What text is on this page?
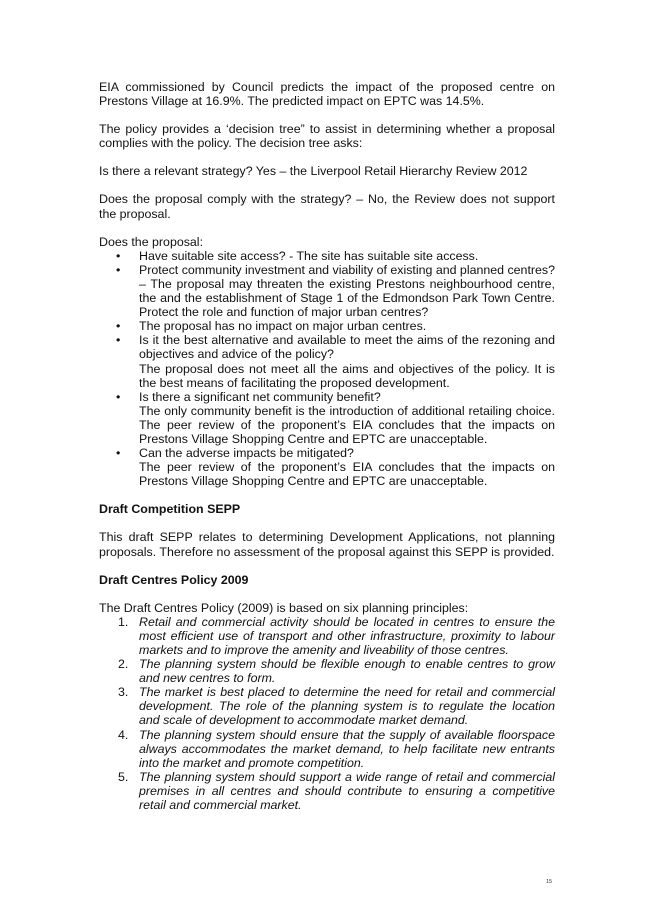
EIA commissioned by Council predicts the impact of the proposed centre on Prestons Village at 16.9%. The predicted impact on EPTC was 14.5%.

The policy provides a ‘decision tree” to assist in determining whether a proposal complies with the policy. The decision tree asks:

Is there a relevant strategy? Yes – the Liverpool Retail Hierarchy Review 2012

Does the proposal comply with the strategy? – No, the Review does not support the proposal.

Does the proposal:

• Have suitable site access? - The site has suitable site access.
• Protect community investment and viability of existing and planned centres? – The proposal may threaten the existing Prestons neighbourhood centre, the and the establishment of Stage 1 of the Edmondson Park Town Centre. Protect the role and function of major urban centres?
• The proposal has no impact on major urban centres.
• Is it the best alternative and available to meet the aims of the rezoning and objectives and advice of the policy?
The proposal does not meet all the aims and objectives of the policy. It is the best means of facilitating the proposed development.
• Is there a significant net community benefit?
The only community benefit is the introduction of additional retailing choice. The peer review of the proponent’s EIA concludes that the impacts on Prestons Village Shopping Centre and EPTC are unacceptable.
• Can the adverse impacts be mitigated?
The peer review of the proponent’s EIA concludes that the impacts on Prestons Village Shopping Centre and EPTC are unacceptable.

Draft Competition SEPP

This draft SEPP relates to determining Development Applications, not planning proposals. Therefore no assessment of the proposal against this SEPP is provided.

Draft Centres Policy 2009

The Draft Centres Policy (2009) is based on six planning principles:

1. Retail and commercial activity should be located in centres to ensure the most efficient use of transport and other infrastructure, proximity to labour markets and to improve the amenity and liveability of those centres.
2. The planning system should be flexible enough to enable centres to grow and new centres to form.
3. The market is best placed to determine the need for retail and commercial development. The role of the planning system is to regulate the location and scale of development to accommodate market demand.
4. The planning system should ensure that the supply of available floorspace always accommodates the market demand, to help facilitate new entrants into the market and promote competition.
5. The planning system should support a wide range of retail and commercial premises in all centres and should contribute to ensuring a competitive retail and commercial market.
15
